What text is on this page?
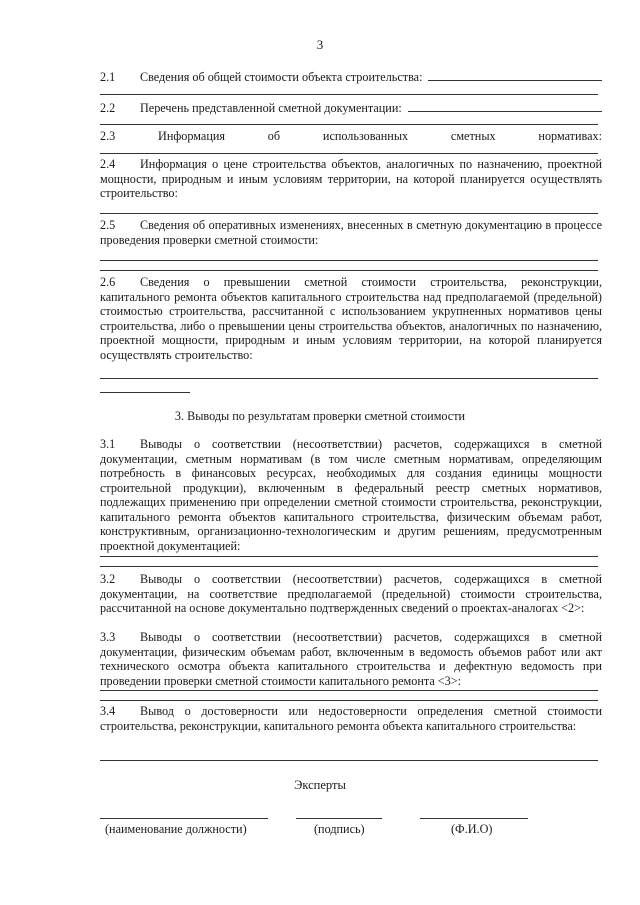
3
2.1	Сведения об общей стоимости объекта строительства:
2.2	Перечень представленной сметной документации:
2.3 Информация об использованных сметных нормативах:
2.4 Информация о цене строительства объектов, аналогичных по назначению, проектной мощности, природным и иным условиям территории, на которой планируется осуществлять строительство:
2.5 Сведения об оперативных изменениях, внесенных в сметную документацию в процессе проведения проверки сметной стоимости:
2.6 Сведения о превышении сметной стоимости строительства, реконструкции, капитального ремонта объектов капитального строительства над предполагаемой (предельной) стоимостью строительства, рассчитанной с использованием укрупненных нормативов цены строительства, либо о превышении цены строительства объектов, аналогичных по назначению, проектной мощности, природным и иным условиям территории, на которой планируется осуществлять строительство:
3. Выводы по результатам проверки сметной стоимости
3.1 Выводы о соответствии (несоответствии) расчетов, содержащихся в сметной документации, сметным нормативам (в том числе сметным нормативам, определяющим потребность в финансовых ресурсах, необходимых для создания единицы мощности строительной продукции), включенным в федеральный реестр сметных нормативов, подлежащих применению при определении сметной стоимости строительства, реконструкции, капитального ремонта объектов капитального строительства, физическим объемам работ, конструктивным, организационно-технологическим и другим решениям, предусмотренным проектной документацией:
3.2 Выводы о соответствии (несоответствии) расчетов, содержащихся в сметной документации, на соответствие предполагаемой (предельной) стоимости строительства, рассчитанной на основе документально подтвержденных сведений о проектах-аналогах <2>:
3.3 Выводы о соответствии (несоответствии) расчетов, содержащихся в сметной документации, физическим объемам работ, включенным в ведомость объемов работ или акт технического осмотра объекта капитального строительства и дефектную ведомость при проведении проверки сметной стоимости капитального ремонта <3>:
3.4 Вывод о достоверности или недостоверности определения сметной стоимости строительства, реконструкции, капитального ремонта объекта капитального строительства:
Эксперты
(наименование должности)	(подпись)	(Ф.И.О)
